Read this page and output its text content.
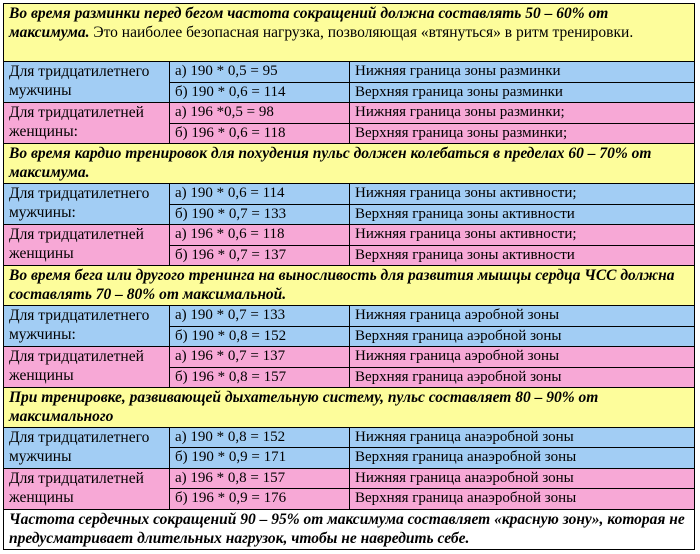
Во время разминки перед бегом частота сокращений должна составлять 50 – 60% от максимума. Это наиболее безопасная нагрузка, позволяющая «втянуться» в ритм тренировки.		
Для тридцатилетнего мужчины	а) 190 * 0,5 = 95	Нижняя граница зоны разминки
	б) 190 * 0,6 = 114	Верхняя граница зоны разминки
Для тридцатилетней женщины:	а) 196 *0,5 = 98	Нижняя граница зоны разминки;
	б) 196 * 0,6 = 118	Верхняя граница зоны разминки;
Во время кардио тренировок для похудения пульс должен колебаться в пределах 60 – 70% от максимума.		
Для тридцатилетнего мужчины:	а) 190 * 0,6 = 114	Нижняя граница зоны активности;
	б) 190 * 0,7 = 133	Верхняя граница зоны активности
Для тридцатилетней женщины	а) 196 * 0,6 = 118	Нижняя граница зоны активности;
	б) 196 * 0,7 = 137	Верхняя граница зоны активности
Во время бега или другого тренинга на выносливость для развития мышцы сердца ЧСС должна составлять 70 – 80% от максимальной.		
Для тридцатилетнего мужчины:	а) 190 * 0,7 = 133	Нижняя граница аэробной зоны
	б) 190 * 0,8 = 152	Верхняя граница аэробной зоны
Для тридцатилетней женщины	а) 196 * 0,7 = 137	Нижняя граница аэробной зоны
	б) 196 * 0,8 = 157	Верхняя граница аэробной зоны
При тренировке, развивающей дыхательную систему, пульс составляет 80 – 90% от максимального		
Для тридцатилетнего мужчины	а) 190 * 0,8 = 152	Нижняя граница анаэробной зоны
	б) 190 * 0,9 = 171	Верхняя граница анаэробной зоны
Для тридцатилетней женщины	а) 196 * 0,8 = 157	Нижняя граница анаэробной зоны
	б) 196 * 0,9 = 176	Верхняя граница анаэробной зоны
Частота сердечных сокращений 90 – 95% от максимума составляет «красную зону», которая не предусматривает длительных нагрузок, чтобы не навредить себе.		
